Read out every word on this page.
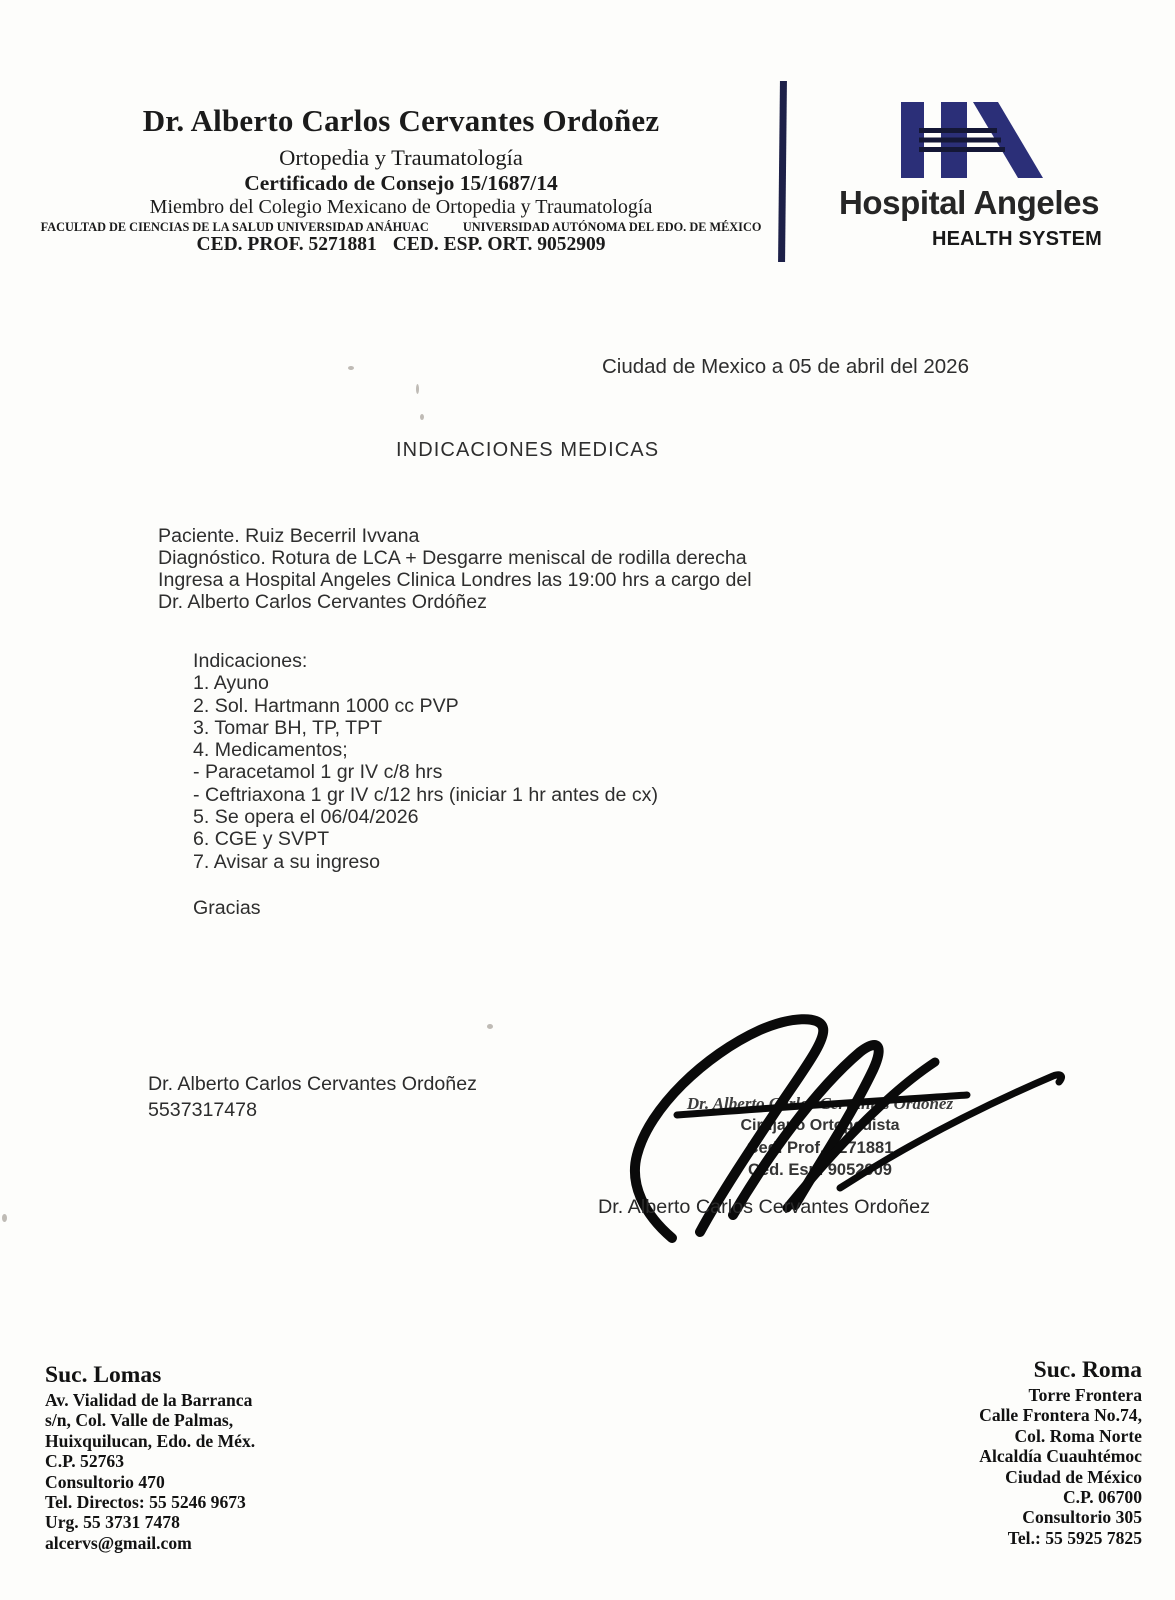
Dr. Alberto Carlos Cervantes Ordoñez
Ortopedia y Traumatología
Certificado de Consejo 15/1687/14
Miembro del Colegio Mexicano de Ortopedia y Traumatología
FACULTAD DE CIENCIAS DE LA SALUD UNIVERSIDAD ANÁHUAC	UNIVERSIDAD AUTÓNOMA DEL EDO. DE MÉXICO
CED. PROF. 5271881 CED. ESP. ORT. 9052909
Hospital Angeles
HEALTH SYSTEM
Ciudad de Mexico a 05 de abril del 2026
INDICACIONES MEDICAS
Paciente. Ruiz Becerril Ivvana
Diagnóstico. Rotura de LCA + Desgarre meniscal de rodilla derecha
Ingresa a Hospital Angeles Clinica Londres las 19:00 hrs a cargo del
Dr. Alberto Carlos Cervantes Ordóñez
Indicaciones:
1. Ayuno
2. Sol. Hartmann 1000 cc PVP
3. Tomar BH, TP, TPT
4. Medicamentos;
- Paracetamol 1 gr IV c/8 hrs
- Ceftriaxona 1 gr IV c/12 hrs (iniciar 1 hr antes de cx)
5. Se opera el 06/04/2026
6. CGE y SVPT
7. Avisar a su ingreso
Gracias
Dr. Alberto Carlos Cervantes Ordoñez
5537317478	Dr. Alberto Carlos Cervantes Ordoñez
Cirujano Ortopedista
Ced. Prof. 5271881
Ced. Esp. 9052909
Dr. Alberto Carlos Cervantes Ordoñez
Suc. Lomas
Av. Vialidad de la Barranca
s/n, Col. Valle de Palmas,
Huixquilucan, Edo. de Méx.
C.P. 52763
Consultorio 470
Tel. Directos: 55 5246 9673
Urg. 55 3731 7478
alcervs@gmail.com
Suc. Roma
Torre Frontera
Calle Frontera No.74,
Col. Roma Norte
Alcaldía Cuauhtémoc
Ciudad de México
C.P. 06700
Consultorio 305
Tel.: 55 5925 7825
